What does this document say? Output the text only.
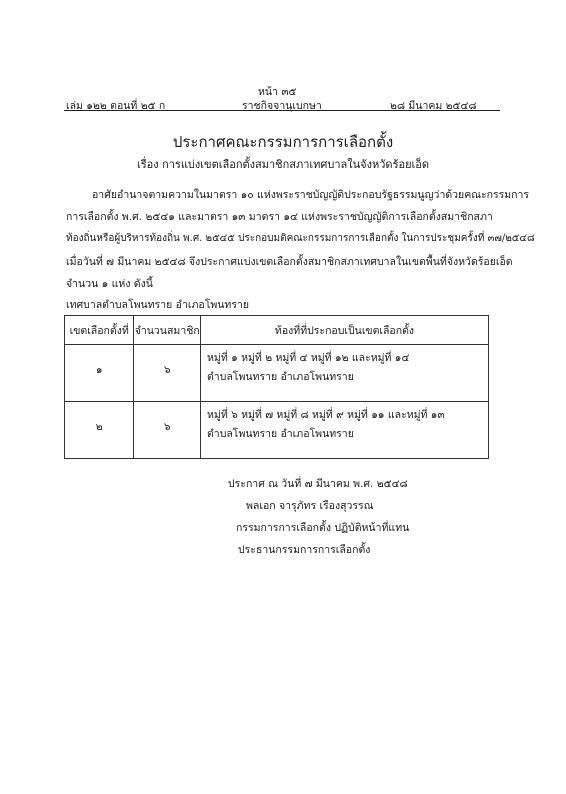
หน้า ๓๕
เล่ม ๑๒๒ ตอนที่ ๒๕ ก	ราชกิจจานุเบกษา	๒๘ มีนาคม ๒๕๔๘
ประกาศคณะกรรมการการเลือกตั้ง
เรื่อง การแบ่งเขตเลือกตั้งสมาชิกสภาเทศบาลในจังหวัดร้อยเอ็ด
อาศัยอำนาจตามความในมาตรา ๑๐ แห่งพระราชบัญญัติประกอบรัฐธรรมนูญว่าด้วยคณะกรรมการ
การเลือกตั้ง พ.ศ. ๒๕๔๑ และมาตรา ๑๓ มาตรา ๑๔ แห่งพระราชบัญญัติการเลือกตั้งสมาชิกสภา
ท้องถิ่นหรือผู้บริหารท้องถิ่น พ.ศ. ๒๕๔๕ ประกอบมติคณะกรรมการการเลือกตั้ง ในการประชุมครั้งที่ ๓๗/๒๕๔๘
เมื่อวันที่ ๗ มีนาคม ๒๕๔๘ จึงประกาศแบ่งเขตเลือกตั้งสมาชิกสภาเทศบาลในเขตพื้นที่จังหวัดร้อยเอ็ด
จำนวน ๑ แห่ง ดังนี้
เทศบาลตำบลโพนทราย อำเภอโพนทราย
เขตเลือกตั้งที่	จำนวนสมาชิก	ท้องที่ที่ประกอบเป็นเขตเลือกตั้ง
๑	๖	หมู่ที่ ๑ หมู่ที่ ๒ หมู่ที่ ๔ หมู่ที่ ๑๒ และหมู่ที่ ๑๔
ตำบลโพนทราย อำเภอโพนทราย

๒	๖	หมู่ที่ ๖ หมู่ที่ ๗ หมู่ที่ ๘ หมู่ที่ ๙ หมู่ที่ ๑๑ และหมู่ที่ ๑๓
ตำบลโพนทราย อำเภอโพนทราย
ประกาศ ณ วันที่ ๗ มีนาคม พ.ศ. ๒๕๔๘
พลเอก จารุภัทร เรืองสุวรรณ
กรรมการการเลือกตั้ง ปฏิบัติหน้าที่แทน
ประธานกรรมการการเลือกตั้ง
